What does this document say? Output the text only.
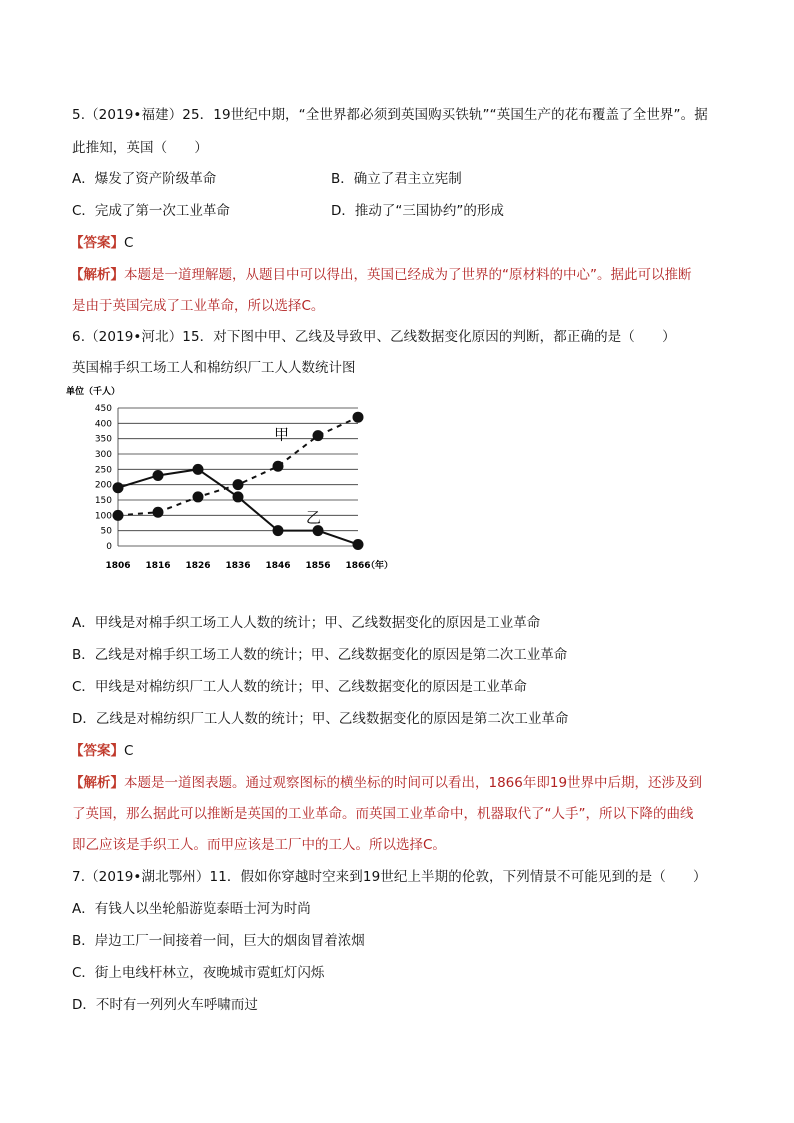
5.（2019•福建）25．19世纪中期，“全世界都必须到英国购买铁轨”“英国生产的花布覆盖了全世界”。据
此推知，英国（　　）
A．爆发了资产阶级革命	B．确立了君主立宪制
C．完成了第一次工业革命	D．推动了“三国协约”的形成
【答案】C
【解析】本题是一道理解题，从题目中可以得出，英国已经成为了世界的“原材料的中心”。据此可以推断
是由于英国完成了工业革命，所以选择C。
6.（2019•河北）15．对下图中甲、乙线及导致甲、乙线数据变化原因的判断，都正确的是（　　）
英国棉手织工场工人和棉纺织厂工人人数统计图
单位（千人）
0
50
100
150
200
250
300
350
400
450
1806 1816 1826 1836 1846 1856 1866
（年）
甲
乙
A．甲线是对棉手织工场工人人数的统计；甲、乙线数据变化的原因是工业革命
B．乙线是对棉手织工场工人数的统计；甲、乙线数据变化的原因是第二次工业革命
C．甲线是对棉纺织厂工人人数的统计；甲、乙线数据变化的原因是工业革命
D．乙线是对棉纺织厂工人人数的统计；甲、乙线数据变化的原因是第二次工业革命
【答案】C
【解析】本题是一道图表题。通过观察图标的横坐标的时间可以看出，1866年即19世界中后期，还涉及到
了英国，那么据此可以推断是英国的工业革命。而英国工业革命中，机器取代了“人手”，所以下降的曲线
即乙应该是手织工人。而甲应该是工厂中的工人。所以选择C。
7.（2019•湖北鄂州）11．假如你穿越时空来到19世纪上半期的伦敦，下列情景不可能见到的是（　　）
A．有钱人以坐轮船游览泰晤士河为时尚
B．岸边工厂一间接着一间，巨大的烟囱冒着浓烟
C．街上电线杆林立，夜晚城市霓虹灯闪烁
D．不时有一列列火车呼啸而过
